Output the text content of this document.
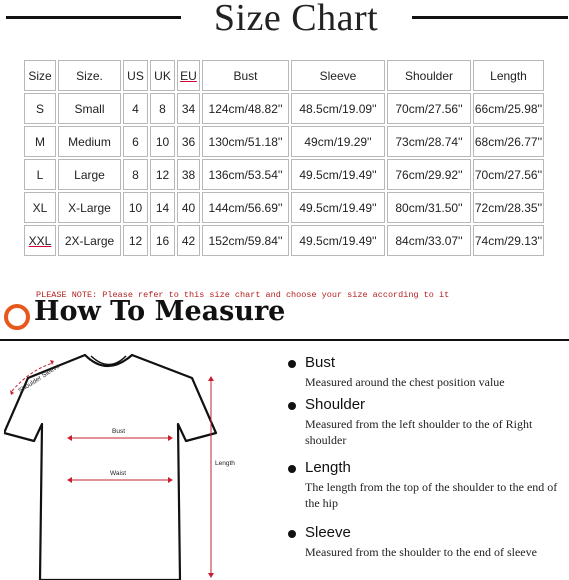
Size Chart
Size	Size.	US	UK	EU	Bust	Sleeve	Shoulder	Length
S	Small	4	8	34	124cm/48.82''	48.5cm/19.09''	70cm/27.56''	66cm/25.98''
M	Medium	6	10	36	130cm/51.18''	49cm/19.29''	73cm/28.74''	68cm/26.77''
L	Large	8	12	38	136cm/53.54''	49.5cm/19.49''	76cm/29.92''	70cm/27.56''
XL	X-Large	10	14	40	144cm/56.69''	49.5cm/19.49''	80cm/31.50''	72cm/28.35''
XXL	2X-Large	12	16	42	152cm/59.84''	49.5cm/19.49''	84cm/33.07''	74cm/29.13''
PLEASE NOTE: Please refer to this size chart and choose your size according to it
How To Measure
Shoulder Sleeve
Bust
Waist
Length
Bust
Measured around the chest position value
Shoulder
Measured from the left shoulder to the of Right shoulder
Length
The length from the top of the shoulder to the end of the hip
Sleeve
Measured from the shoulder to the end of sleeve
